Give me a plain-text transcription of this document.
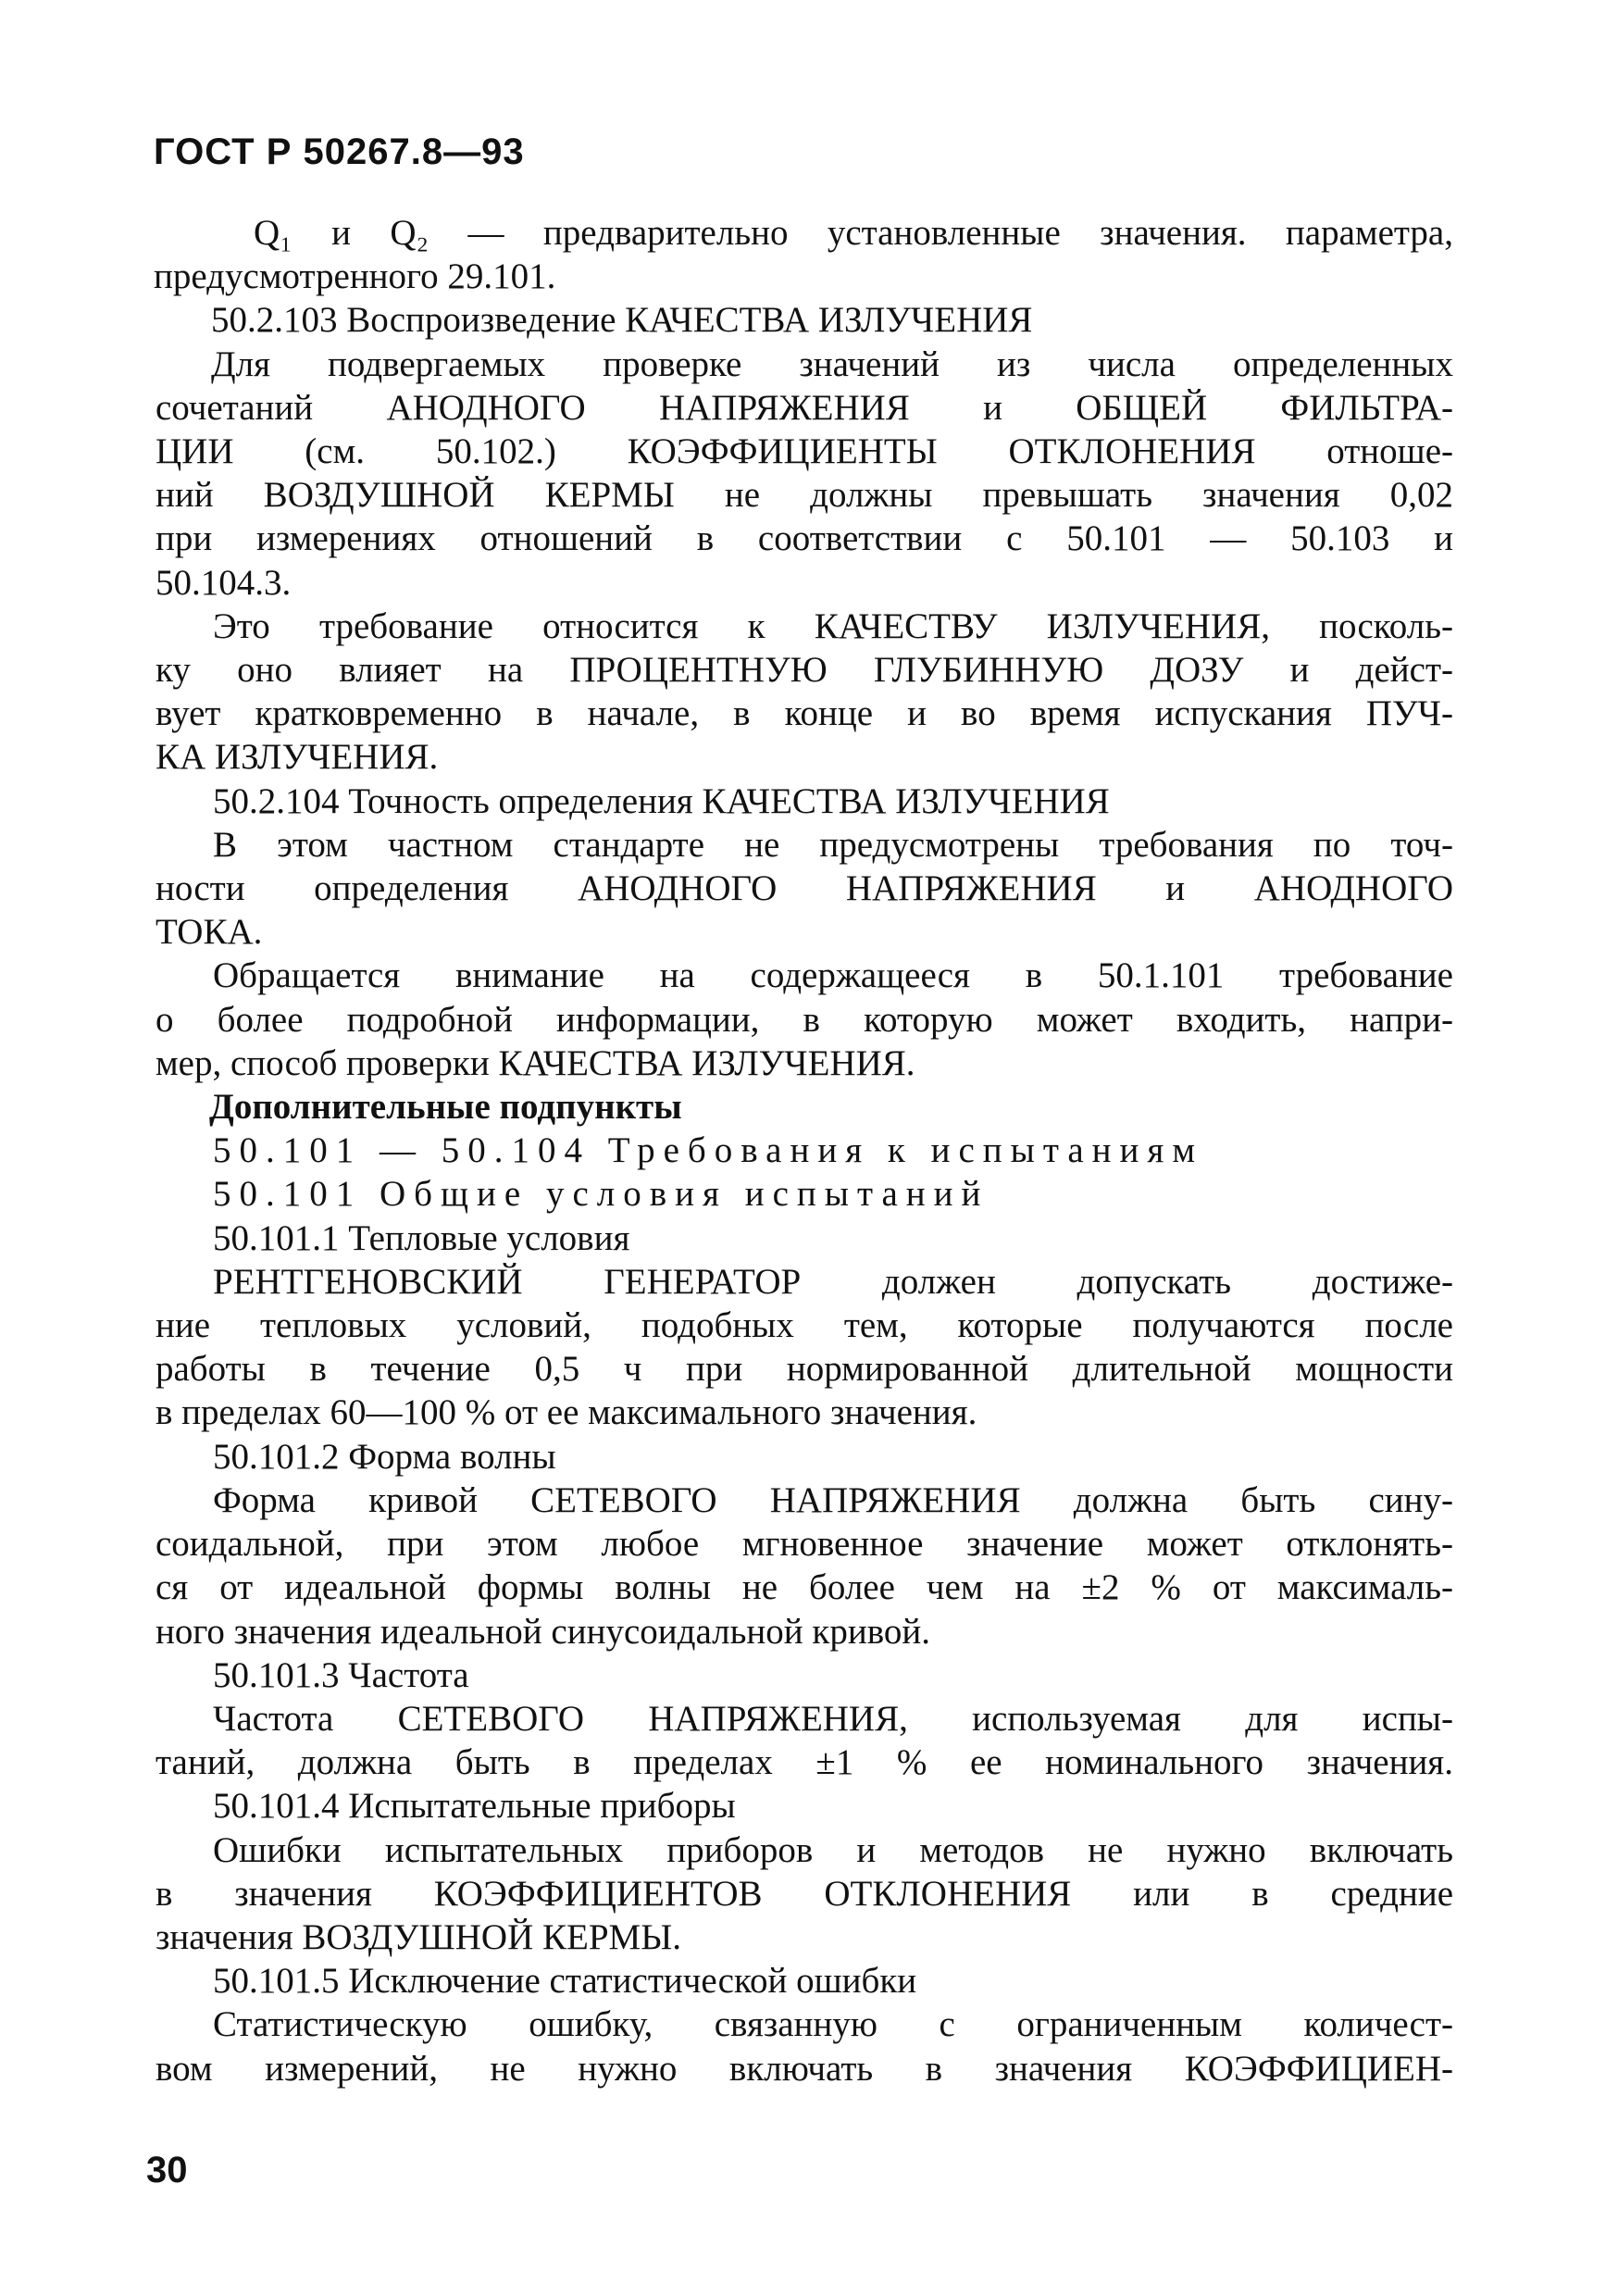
ГОСТ Р 50267.8—93
Q₁ и Q₂ — предварительно установленные значения. параметра,
предусмотренного 29.101.
50.2.103 Воспроизведение КАЧЕСТВА ИЗЛУЧЕНИЯ
Для подвергаемых проверке значений из числа определенных
сочетаний АНОДНОГО НАПРЯЖЕНИЯ и ОБЩЕЙ ФИЛЬТРА-
ЦИИ (см. 50.102.) КОЭФФИЦИЕНТЫ ОТКЛОНЕНИЯ отноше-
ний ВОЗДУШНОЙ КЕРМЫ не должны превышать значения 0,02
при измерениях отношений в соответствии с 50.101 — 50.103 и
50.104.3.
Это требование относится к КАЧЕСТВУ ИЗЛУЧЕНИЯ, посколь-
ку оно влияет на ПРОЦЕНТНУЮ ГЛУБИННУЮ ДОЗУ и дейст-
вует кратковременно в начале, в конце и во время испускания ПУЧ-
КА ИЗЛУЧЕНИЯ.
50.2.104 Точность определения КАЧЕСТВА ИЗЛУЧЕНИЯ
В этом частном стандарте не предусмотрены требования по точ-
ности определения АНОДНОГО НАПРЯЖЕНИЯ и АНОДНОГО
ТОКА.
Обращается внимание на содержащееся в 50.1.101 требование
о более подробной информации, в которую может входить, напри-
мер, способ проверки КАЧЕСТВА ИЗЛУЧЕНИЯ.
Дополнительные подпункты
50.101 — 50.104 Требования к испытаниям
50.101 Общие условия испытаний
50.101.1 Тепловые условия
РЕНТГЕНОВСКИЙ ГЕНЕРАТОР должен допускать достиже-
ние тепловых условий, подобных тем, которые получаются после
работы в течение 0,5 ч при нормированной длительной мощности
в пределах 60—100 % от ее максимального значения.
50.101.2 Форма волны
Форма кривой СЕТЕВОГО НАПРЯЖЕНИЯ должна быть сину-
соидальной, при этом любое мгновенное значение может отклонять-
ся от идеальной формы волны не более чем на ±2 % от максималь-
ного значения идеальной синусоидальной кривой.
50.101.3 Частота
Частота СЕТЕВОГО НАПРЯЖЕНИЯ, используемая для испы-
таний, должна быть в пределах ±1 % ее номинального значения.
50.101.4 Испытательные приборы
Ошибки испытательных приборов и методов не нужно включать
в значения КОЭФФИЦИЕНТОВ ОТКЛОНЕНИЯ или в средние
значения ВОЗДУШНОЙ КЕРМЫ.
50.101.5 Исключение статистической ошибки
Статистическую ошибку, связанную с ограниченным количест-
вом измерений, не нужно включать в значения КОЭФФИЦИЕН-
30
